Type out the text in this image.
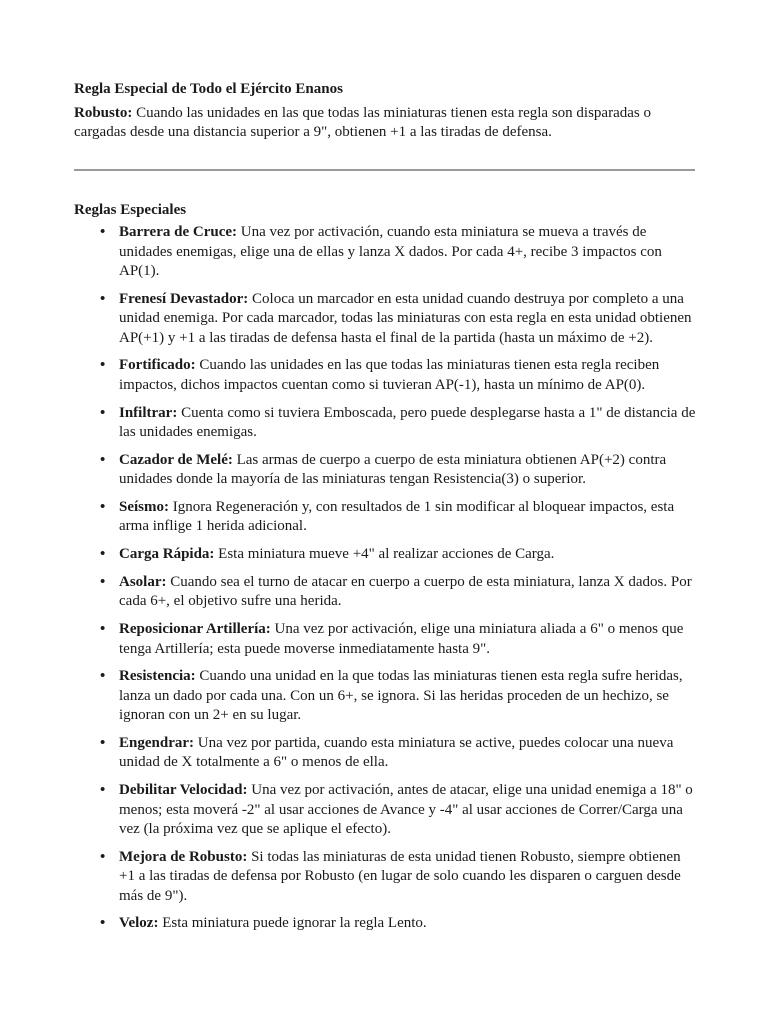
Regla Especial de Todo el Ejército Enanos

Robusto: Cuando las unidades en las que todas las miniaturas tienen esta regla son disparadas o cargadas desde una distancia superior a 9", obtienen +1 a las tiradas de defensa.

Reglas Especiales

• Barrera de Cruce: Una vez por activación, cuando esta miniatura se mueva a través de unidades enemigas, elige una de ellas y lanza X dados. Por cada 4+, recibe 3 impactos con AP(1).
• Frenesí Devastador: Coloca un marcador en esta unidad cuando destruya por completo a una unidad enemiga. Por cada marcador, todas las miniaturas con esta regla en esta unidad obtienen AP(+1) y +1 a las tiradas de defensa hasta el final de la partida (hasta un máximo de +2).
• Fortificado: Cuando las unidades en las que todas las miniaturas tienen esta regla reciben impactos, dichos impactos cuentan como si tuvieran AP(-1), hasta un mínimo de AP(0).
• Infiltrar: Cuenta como si tuviera Emboscada, pero puede desplegarse hasta a 1" de distancia de las unidades enemigas.
• Cazador de Melé: Las armas de cuerpo a cuerpo de esta miniatura obtienen AP(+2) contra unidades donde la mayoría de las miniaturas tengan Resistencia(3) o superior.
• Seísmo: Ignora Regeneración y, con resultados de 1 sin modificar al bloquear impactos, esta arma inflige 1 herida adicional.
• Carga Rápida: Esta miniatura mueve +4" al realizar acciones de Carga.
• Asolar: Cuando sea el turno de atacar en cuerpo a cuerpo de esta miniatura, lanza X dados. Por cada 6+, el objetivo sufre una herida.
• Reposicionar Artillería: Una vez por activación, elige una miniatura aliada a 6" o menos que tenga Artillería; esta puede moverse inmediatamente hasta 9".
• Resistencia: Cuando una unidad en la que todas las miniaturas tienen esta regla sufre heridas, lanza un dado por cada una. Con un 6+, se ignora. Si las heridas proceden de un hechizo, se ignoran con un 2+ en su lugar.
• Engendrar: Una vez por partida, cuando esta miniatura se active, puedes colocar una nueva unidad de X totalmente a 6" o menos de ella.
• Debilitar Velocidad: Una vez por activación, antes de atacar, elige una unidad enemiga a 18" o menos; esta moverá -2" al usar acciones de Avance y -4" al usar acciones de Correr/Carga una vez (la próxima vez que se aplique el efecto).
• Mejora de Robusto: Si todas las miniaturas de esta unidad tienen Robusto, siempre obtienen +1 a las tiradas de defensa por Robusto (en lugar de solo cuando les disparen o carguen desde más de 9").
• Veloz: Esta miniatura puede ignorar la regla Lento.
